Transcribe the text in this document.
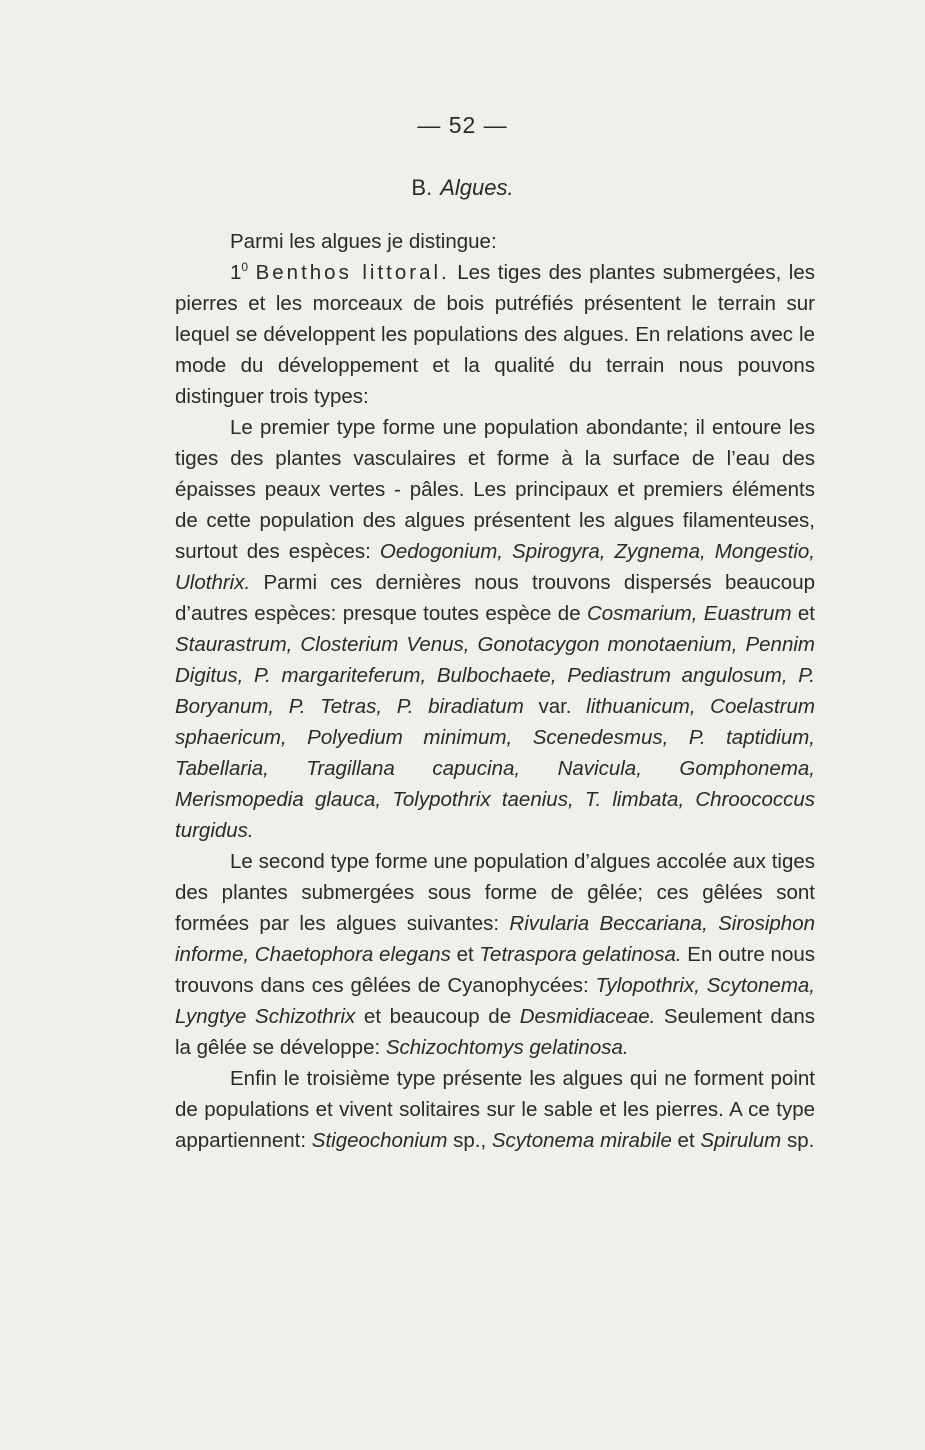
— 52 —
B. Algues.

Parmi les algues je distingue:

$1^0$ Benthos littoral. Les tiges des plantes submergées, les pierres et les morceaux de bois putréfiés présentent le terrain sur lequel se développent les populations des algues. En relations avec le mode du développement et la qualité du terrain nous pouvons distinguer trois types:

Le premier type forme une population abondante; il entoure les tiges des plantes vasculaires et forme à la surface de l’eau des épaisses peaux vertes - pâles. Les principaux et premiers éléments de cette population des algues présentent les algues filamenteuses, surtout des espèces: Oedogonium, Spirogyra, Zygnema, Mongestio, Ulothrix. Parmi ces dernières nous trouvons dispersés beaucoup d’autres espèces: presque toutes espèce de Cosmarium, Euastrum et Staurastrum, Closterium Venus, Gonotacygon monotaenium, Pennim Digitus, P. margariteferum, Bulbochaete, Pediastrum angulosum, P. Boryanum, P. Tetras, P. biradiatum var. lithuanicum, Coelastrum sphaericum, Polyedium minimum, Scenedesmus, P. taptidium, Tabellaria, Tragillana capucina, Navicula, Gomphonema, Merismopedia glauca, Tolypothrix taenius, T. limbata, Chroococcus turgidus.

Le second type forme une population d’algues accolée aux tiges des plantes submergées sous forme de gêlée; ces gêlées sont formées par les algues suivantes: Rivularia Beccariana, Sirosiphon informe, Chaetophora elegans et Tetraspora gelatinosa. En outre nous trouvons dans ces gêlées de Cyanophycées: Tylopothrix, Scytonema, Lyngtye Schizothrix et beaucoup de Desmidiaceae. Seulement dans la gêlée se développe: Schizochtomys gelatinosa.

Enfin le troisième type présente les algues qui ne forment point de populations et vivent solitaires sur le sable et les pierres. A ce type appartiennent: Stigeochonium sp., Scytonema mirabile et Spirulum sp.
